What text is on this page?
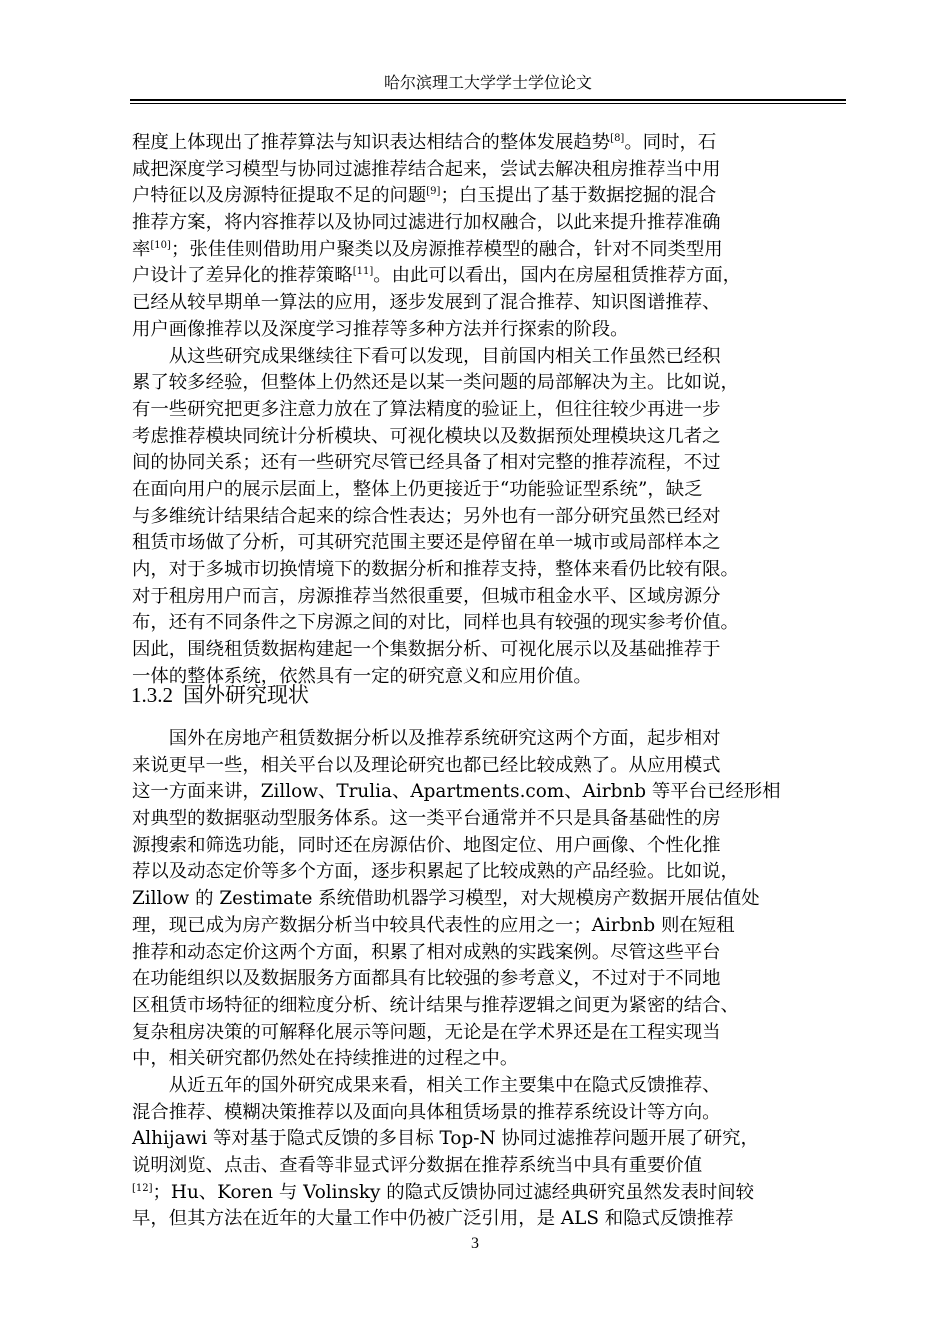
哈尔滨理工大学学士学位论文
程度上体现出了推荐算法与知识表达相结合的整体发展趋势[8]。同时，石
咸把深度学习模型与协同过滤推荐结合起来，尝试去解决租房推荐当中用
户特征以及房源特征提取不足的问题[9]；白玉提出了基于数据挖掘的混合
推荐方案，将内容推荐以及协同过滤进行加权融合，以此来提升推荐准确
率[10]；张佳佳则借助用户聚类以及房源推荐模型的融合，针对不同类型用
户设计了差异化的推荐策略[11]。由此可以看出，国内在房屋租赁推荐方面，
已经从较早期单一算法的应用，逐步发展到了混合推荐、知识图谱推荐、
用户画像推荐以及深度学习推荐等多种方法并行探索的阶段。
　　从这些研究成果继续往下看可以发现，目前国内相关工作虽然已经积
累了较多经验，但整体上仍然还是以某一类问题的局部解决为主。比如说，
有一些研究把更多注意力放在了算法精度的验证上，但往往较少再进一步
考虑推荐模块同统计分析模块、可视化模块以及数据预处理模块这几者之
间的协同关系；还有一些研究尽管已经具备了相对完整的推荐流程，不过
在面向用户的展示层面上，整体上仍更接近于“功能验证型系统”，缺乏
与多维统计结果结合起来的综合性表达；另外也有一部分研究虽然已经对
租赁市场做了分析，可其研究范围主要还是停留在单一城市或局部样本之
内，对于多城市切换情境下的数据分析和推荐支持，整体来看仍比较有限。
对于租房用户而言，房源推荐当然很重要，但城市租金水平、区域房源分
布，还有不同条件之下房源之间的对比，同样也具有较强的现实参考价值。
因此，围绕租赁数据构建起一个集数据分析、可视化展示以及基础推荐于
一体的整体系统，依然具有一定的研究意义和应用价值。
1.3.2 国外研究现状
　　国外在房地产租赁数据分析以及推荐系统研究这两个方面，起步相对
来说更早一些，相关平台以及理论研究也都已经比较成熟了。从应用模式
这一方面来讲，Zillow、Trulia、Apartments.com、Airbnb 等平台已经形相
对典型的数据驱动型服务体系。这一类平台通常并不只是具备基础性的房
源搜索和筛选功能，同时还在房源估价、地图定位、用户画像、个性化推
荐以及动态定价等多个方面，逐步积累起了比较成熟的产品经验。比如说，
Zillow 的 Zestimate 系统借助机器学习模型，对大规模房产数据开展估值处
理，现已成为房产数据分析当中较具代表性的应用之一；Airbnb 则在短租
推荐和动态定价这两个方面，积累了相对成熟的实践案例。尽管这些平台
在功能组织以及数据服务方面都具有比较强的参考意义，不过对于不同地
区租赁市场特征的细粒度分析、统计结果与推荐逻辑之间更为紧密的结合、
复杂租房决策的可解释化展示等问题，无论是在学术界还是在工程实现当
中，相关研究都仍然处在持续推进的过程之中。
　　从近五年的国外研究成果来看，相关工作主要集中在隐式反馈推荐、
混合推荐、模糊决策推荐以及面向具体租赁场景的推荐系统设计等方向。
Alhijawi 等对基于隐式反馈的多目标 Top-N 协同过滤推荐问题开展了研究，
说明浏览、点击、查看等非显式评分数据在推荐系统当中具有重要价值
[12]；Hu、Koren 与 Volinsky 的隐式反馈协同过滤经典研究虽然发表时间较
早，但其方法在近年的大量工作中仍被广泛引用，是 ALS 和隐式反馈推荐
3
